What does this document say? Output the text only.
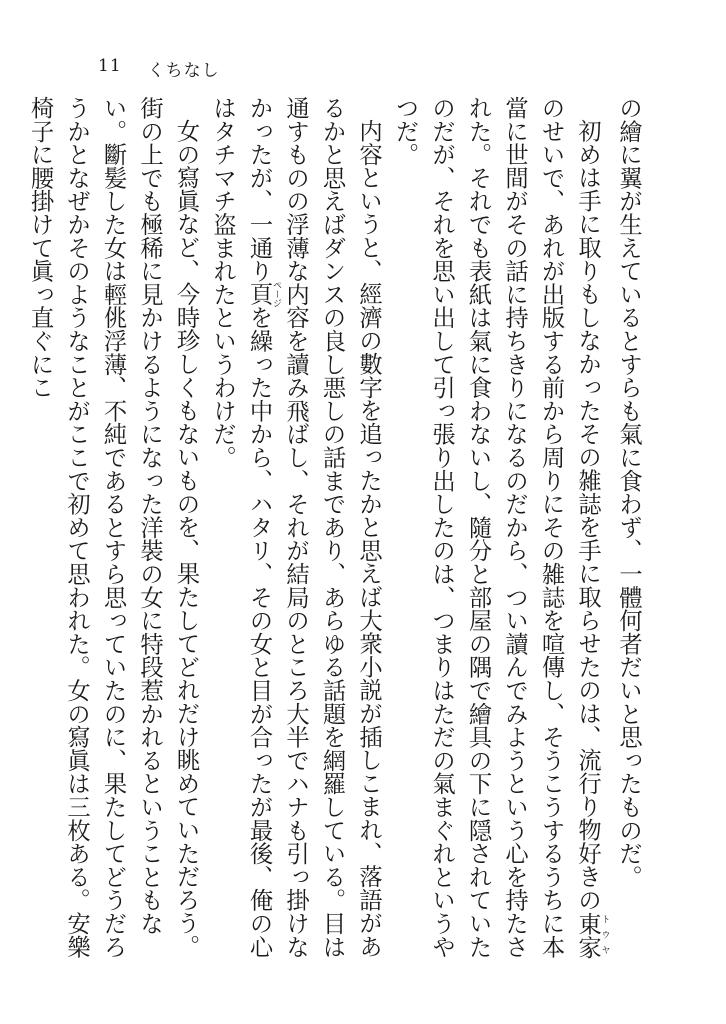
11 くちなし

の繪に翼が生えているとすらも氣に食わず、一體何者だいと思ったものだ。

初めは手に取りもしなかったその雑誌を手に取らせたのは、流行り物好きの東家トウヤのせいで、あれが出版する前から周りにその雑誌を喧傳し、そうこうするうちに本當に世間がその話に持ちきりになるのだから、つい讀んでみようという心を持たされた。それでも表紙は氣に食わないし、隨分と部屋の隅で繪具の下に隠されていたのだが、それを思い出して引っ張り出したのは、つまりはただの氣まぐれというやつだ。

内容というと、經濟の數字を追ったかと思えば大衆小説が插しこまれ、落語があるかと思えばダンスの良し悪しの話まであり、あらゆる話題を網羅している。目は通すものの浮薄な内容を讀み飛ばし、それが結局のところ大半でハナも引っ掛けなかったが、一通り頁ページを繰った中から、ハタリ、その女と目が合ったが最後、俺の心はタチマチ盗まれたというわけだ。

女の寫眞など、今時珍しくもないものを、果たしてどれだけ眺めていただろう。街の上でも極稀に見かけるようになった洋裝の女に特段惹かれるということもない。斷髪した女は輕佻浮薄、不純であるとすら思っていたのに、果たしてどうだろうかとなぜかそのようなことがここで初めて思われた。女の寫眞は三枚ある。安樂椅子に腰掛けて眞っ直ぐにこ
